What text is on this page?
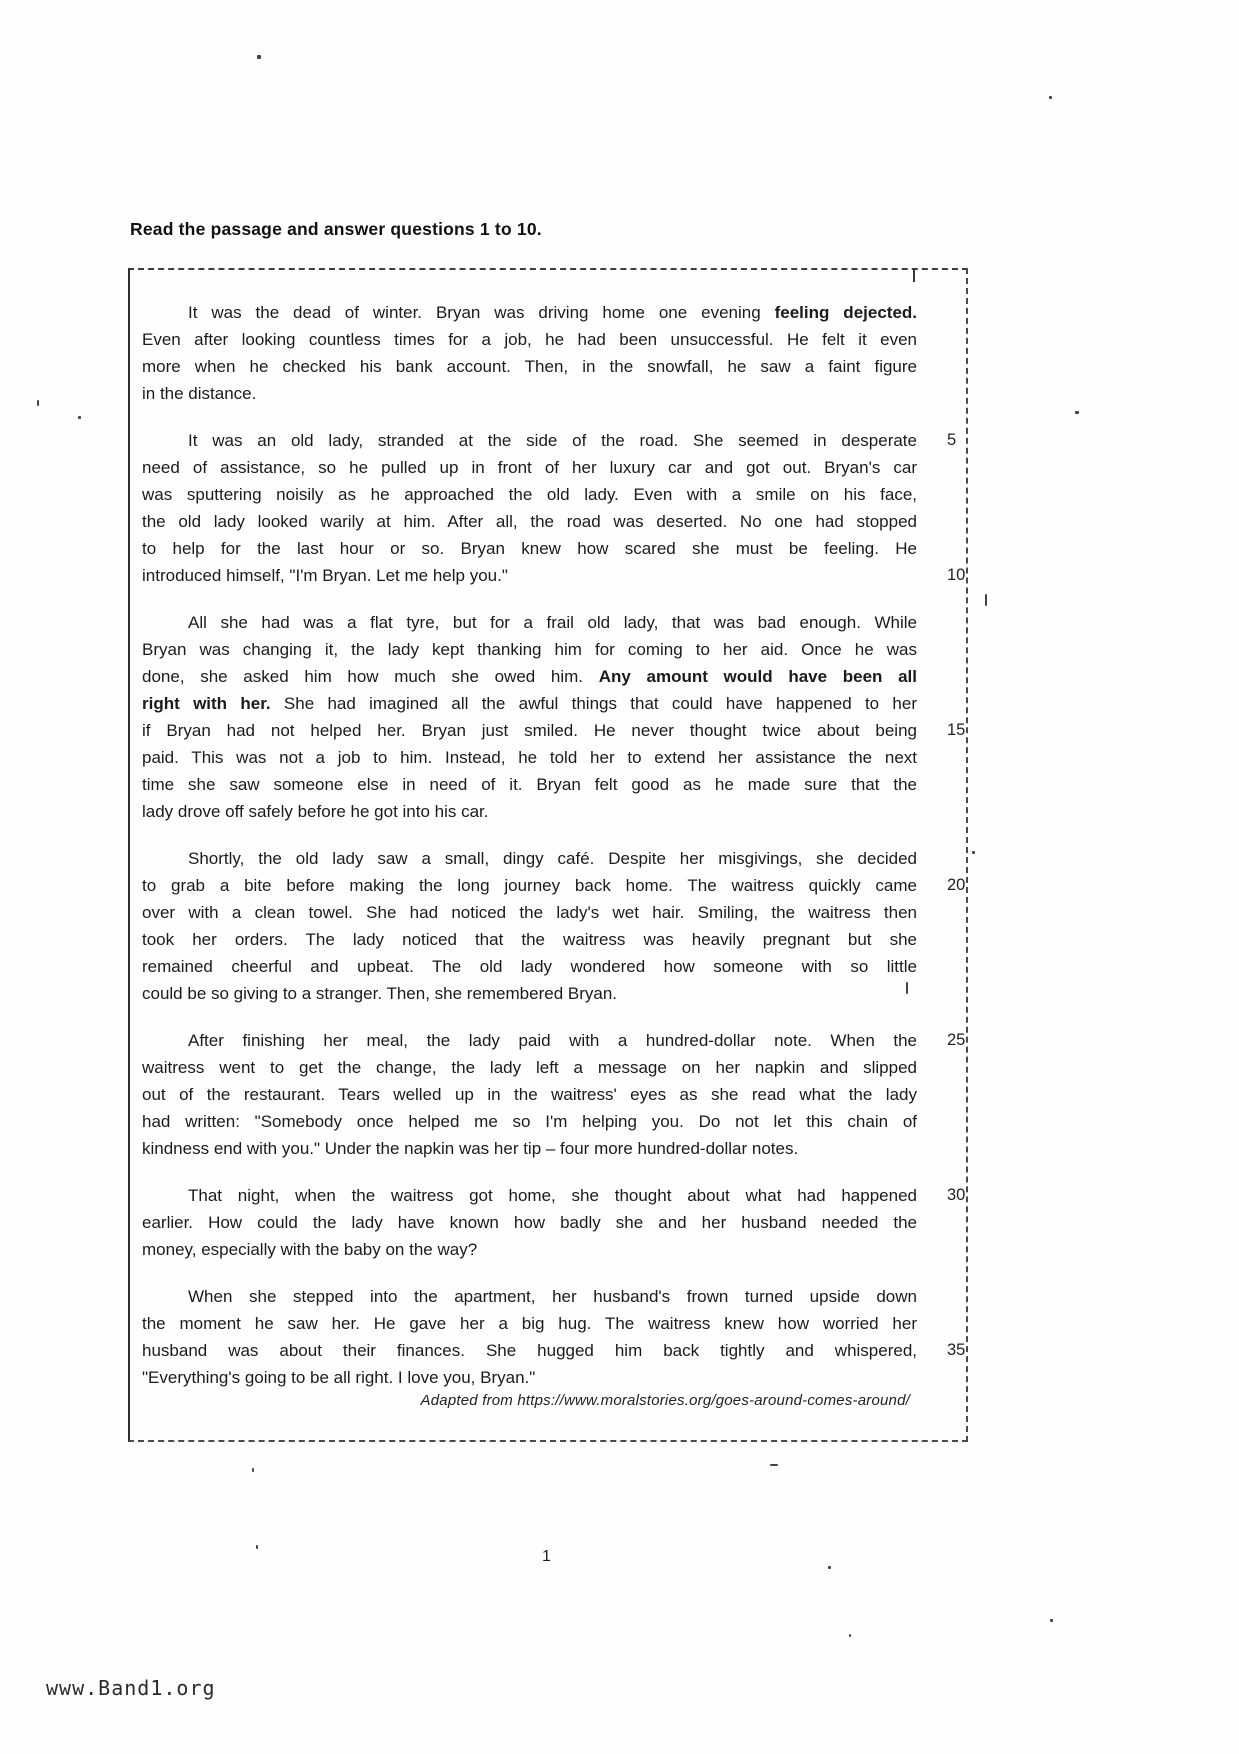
Read the passage and answer questions 1 to 10.
It was the dead of winter. Bryan was driving home one evening feeling dejected.
Even after looking countless times for a job, he had been unsuccessful. He felt it even
more when he checked his bank account. Then, in the snowfall, he saw a faint figure
in the distance.
It was an old lady, stranded at the side of the road. She seemed in desperate
need of assistance, so he pulled up in front of her luxury car and got out. Bryan's car
was sputtering noisily as he approached the old lady. Even with a smile on his face,
the old lady looked warily at him. After all, the road was deserted. No one had stopped
to help for the last hour or so. Bryan knew how scared she must be feeling. He
introduced himself, "I'm Bryan. Let me help you."
All she had was a flat tyre, but for a frail old lady, that was bad enough. While
Bryan was changing it, the lady kept thanking him for coming to her aid. Once he was
done, she asked him how much she owed him. Any amount would have been all
right with her. She had imagined all the awful things that could have happened to her
if Bryan had not helped her. Bryan just smiled. He never thought twice about being
paid. This was not a job to him. Instead, he told her to extend her assistance the next
time she saw someone else in need of it. Bryan felt good as he made sure that the
lady drove off safely before he got into his car.
Shortly, the old lady saw a small, dingy café. Despite her misgivings, she decided
to grab a bite before making the long journey back home. The waitress quickly came
over with a clean towel. She had noticed the lady's wet hair. Smiling, the waitress then
took her orders. The lady noticed that the waitress was heavily pregnant but she
remained cheerful and upbeat. The old lady wondered how someone with so little
could be so giving to a stranger. Then, she remembered Bryan.
After finishing her meal, the lady paid with a hundred-dollar note. When the
waitress went to get the change, the lady left a message on her napkin and slipped
out of the restaurant. Tears welled up in the waitress' eyes as she read what the lady
had written: "Somebody once helped me so I'm helping you. Do not let this chain of
kindness end with you." Under the napkin was her tip – four more hundred-dollar notes.
That night, when the waitress got home, she thought about what had happened
earlier. How could the lady have known how badly she and her husband needed the
money, especially with the baby on the way?
When she stepped into the apartment, her husband's frown turned upside down
the moment he saw her. He gave her a big hug. The waitress knew how worried her
husband was about their finances. She hugged him back tightly and whispered,
"Everything's going to be all right. I love you, Bryan."
5
10
15
20
25
30
35
Adapted from https://www.moralstories.org/goes-around-comes-around/
1
www.Band1.org
